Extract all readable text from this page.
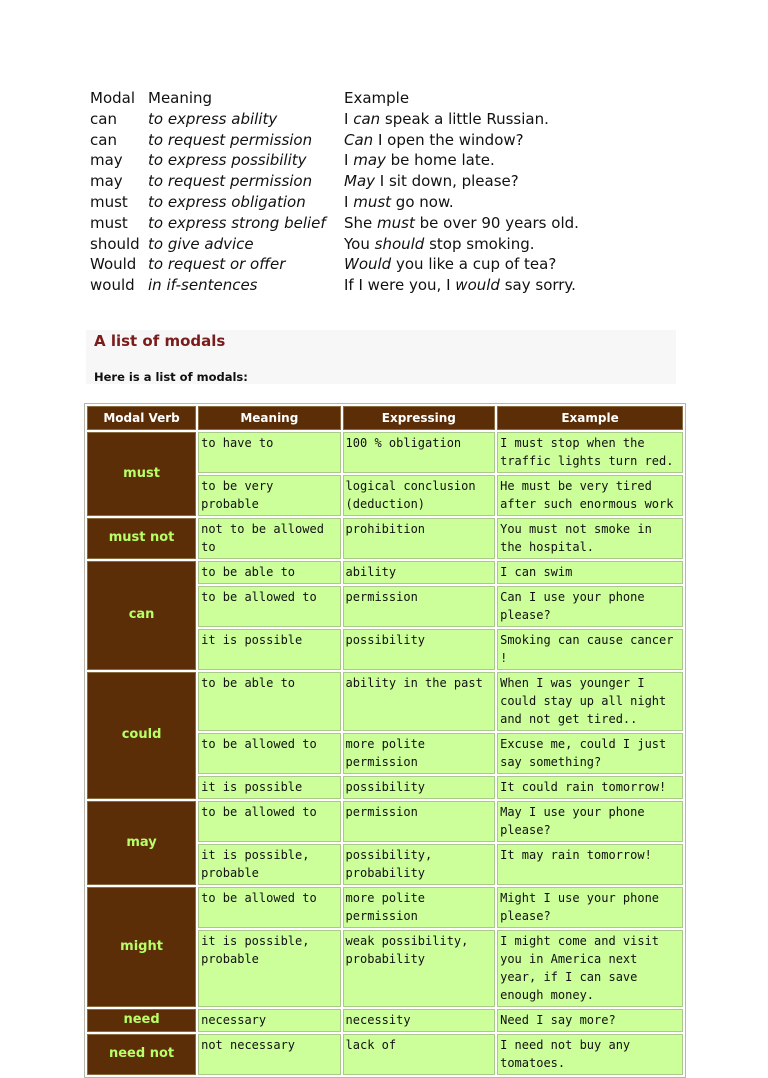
Modal	Meaning	Example
can	to express ability	I can speak a little Russian.
can	to request permission	Can I open the window?
may	to express possibility	I may be home late.
may	to request permission	May I sit down, please?
must	to express obligation	I must go now.
must	to express strong belief	She must be over 90 years old.
should	to give advice	You should stop smoking.
Would	to request or offer	Would you like a cup of tea?
would	in if-sentences	If I were you, I would say sorry.
A list of modals

Here is a list of modals:

Modal Verb	Meaning	Expressing	Example
must	to have to	100 % obligation	I must stop when the traffic lights turn red.
	to be very probable	logical conclusion (deduction)	He must be very tired after such enormous work
must not	not to be allowed to	prohibition	You must not smoke in the hospital.
can	to be able to	ability	I can swim
	to be allowed to	permission	Can I use your phone please?
	it is possible	possibility	Smoking can cause cancer !
could	to be able to	ability in the past	When I was younger I could stay up all night and not get tired..
	to be allowed to	more polite permission	Excuse me, could I just say something?
	it is possible	possibility	It could rain tomorrow!
may	to be allowed to	permission	May I use your phone please?
	it is possible, probable	possibility, probability	It may rain tomorrow!
might	to be allowed to	more polite permission	Might I use your phone please?
	it is possible, probable	weak possibility, probability	I might come and visit you in America next year, if I can save enough money.
need	necessary	necessity	Need I say more?
need not	not necessary	lack of	I need not buy any tomatoes.
